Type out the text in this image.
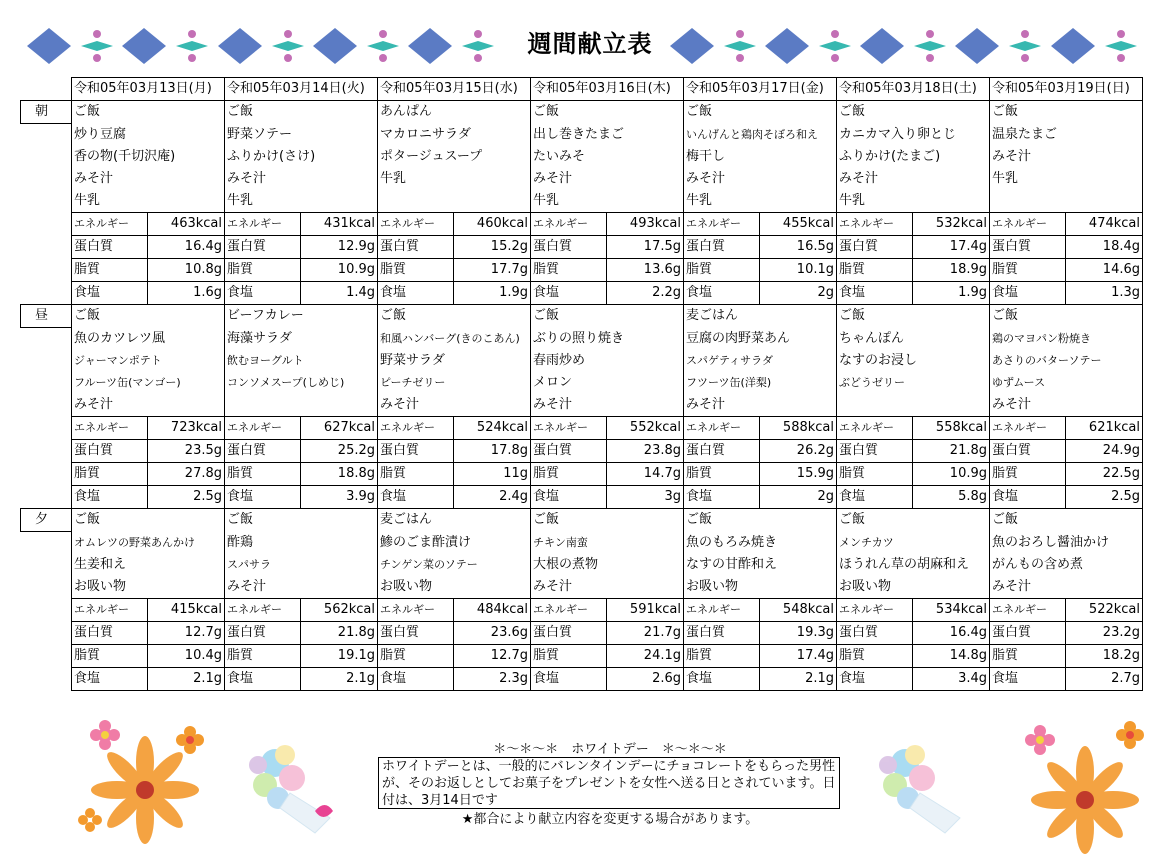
週間献立表
	令和05年03月13日(月)		令和05年03月14日(火)		令和05年03月15日(水)		令和05年03月16日(木)		令和05年03月17日(金)		令和05年03月18日(土)		令和05年03月19日(日)	
朝	ご飯		ご飯		あんぱん		ご飯		ご飯		ご飯		ご飯	
	炒り豆腐		野菜ソテー		マカロニサラダ		出し巻きたまご		いんげんと鶏肉そぼろ和え		カニカマ入り卵とじ		温泉たまご	
	香の物(千切沢庵)		ふりかけ(さけ)		ポタージュスープ		たいみそ		梅干し		ふりかけ(たまご)		みそ汁	
	みそ汁		みそ汁		牛乳		みそ汁		みそ汁		みそ汁		牛乳	
	牛乳		牛乳				牛乳		牛乳		牛乳			
	エネルギー	463kcal	エネルギー	431kcal	エネルギー	460kcal	エネルギー	493kcal	エネルギー	455kcal	エネルギー	532kcal	エネルギー	474kcal
	蛋白質	16.4g	蛋白質	12.9g	蛋白質	15.2g	蛋白質	17.5g	蛋白質	16.5g	蛋白質	17.4g	蛋白質	18.4g
	脂質	10.8g	脂質	10.9g	脂質	17.7g	脂質	13.6g	脂質	10.1g	脂質	18.9g	脂質	14.6g
	食塩	1.6g	食塩	1.4g	食塩	1.9g	食塩	2.2g	食塩	2g	食塩	1.9g	食塩	1.3g
昼	ご飯		ビーフカレー		ご飯		ご飯		麦ごはん		ご飯		ご飯	
	魚のカツレツ風		海藻サラダ		和風ハンバーグ(きのこあん)		ぶりの照り焼き		豆腐の肉野菜あん		ちゃんぽん		鶏のマヨパン粉焼き	
	ジャーマンポテト		飲むヨーグルト		野菜サラダ		春雨炒め		スパゲティサラダ		なすのお浸し		あさりのバターソテー	
	フルーツ缶(マンゴー)		コンソメスープ(しめじ)		ピーチゼリー		メロン		フツーツ缶(洋梨)		ぶどうゼリー		ゆずムース	
	みそ汁				みそ汁		みそ汁		みそ汁				みそ汁	
	エネルギー	723kcal	エネルギー	627kcal	エネルギー	524kcal	エネルギー	552kcal	エネルギー	588kcal	エネルギー	558kcal	エネルギー	621kcal
	蛋白質	23.5g	蛋白質	25.2g	蛋白質	17.8g	蛋白質	23.8g	蛋白質	26.2g	蛋白質	21.8g	蛋白質	24.9g
	脂質	27.8g	脂質	18.8g	脂質	11g	脂質	14.7g	脂質	15.9g	脂質	10.9g	脂質	22.5g
	食塩	2.5g	食塩	3.9g	食塩	2.4g	食塩	3g	食塩	2g	食塩	5.8g	食塩	2.5g
夕	ご飯		ご飯		麦ごはん		ご飯		ご飯		ご飯		ご飯	
	オムレツの野菜あんかけ		酢鶏		鯵のごま酢漬け		チキン南蛮		魚のもろみ焼き		メンチカツ		魚のおろし醤油かけ	
	生姜和え		スパサラ		チンゲン菜のソテー		大根の煮物		なすの甘酢和え		ほうれん草の胡麻和え		がんもの含め煮	
	お吸い物		みそ汁		お吸い物		みそ汁		お吸い物		お吸い物		みそ汁	
	エネルギー	415kcal	エネルギー	562kcal	エネルギー	484kcal	エネルギー	591kcal	エネルギー	548kcal	エネルギー	534kcal	エネルギー	522kcal
	蛋白質	12.7g	蛋白質	21.8g	蛋白質	23.6g	蛋白質	21.7g	蛋白質	19.3g	蛋白質	16.4g	蛋白質	23.2g
	脂質	10.4g	脂質	19.1g	脂質	12.7g	脂質	24.1g	脂質	17.4g	脂質	14.8g	脂質	18.2g
	食塩	2.1g	食塩	2.1g	食塩	2.3g	食塩	2.6g	食塩	2.1g	食塩	3.4g	食塩	2.7g
＊～＊～＊　ホワイトデー　＊～＊～＊
ホワイトデーとは、一般的にバレンタインデーにチョコレートをもらった男性が、そのお返しとしてお菓子をプレゼントを女性へ送る日とされています。日付は、3月14日です
★都合により献立内容を変更する場合があります。
